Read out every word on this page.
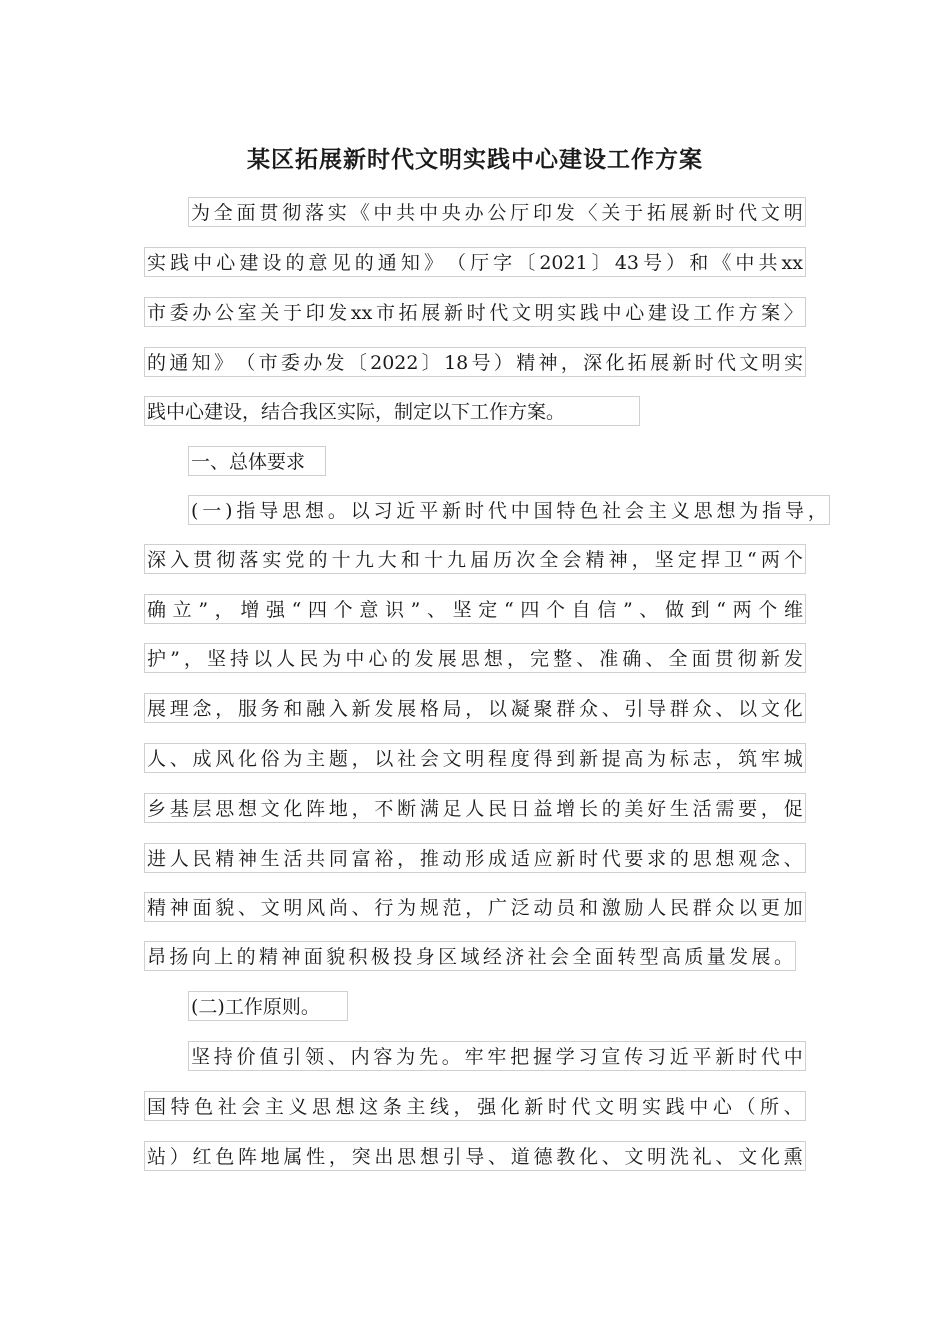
某区拓展新时代文明实践中心建设工作方案
为 全 面 贯 彻 落 实 《 中 共 中 央 办 公 厅 印 发 〈 关 于 拓 展 新 时 代 文 明
实 践 中 心 建 设 的 意 见 的 通 知 》 （ 厅 字 〔 2021 〕 43 号 ） 和 《 中 共 xx
市 委 办 公 室 关 于 印 发 xx 市 拓 展 新 时 代 文 明 实 践 中 心 建 设 工 作 方 案 〉
的 通 知 》 （ 市 委 办 发 〔 2022 〕 18 号 ） 精 神 ， 深 化 拓 展 新 时 代 文 明 实
践中心建设，结合我区实际，制定以下工作方案。
一、总体要求
( 一 ) 指 导 思 想 。 以 习 近 平 新 时 代 中 国 特 色 社 会 主 义 思 想 为 指 导 ，
深 入 贯 彻 落 实 党 的 十 九 大 和 十 九 届 历 次 全 会 精 神 ， 坚 定 捍 卫 “ 两 个
确 立 ” ， 增 强 “ 四 个 意 识 ” 、 坚 定 “ 四 个 自 信 ” 、 做 到 “ 两 个 维
护 ” ， 坚 持 以 人 民 为 中 心 的 发 展 思 想 ， 完 整 、 准 确 、 全 面 贯 彻 新 发
展 理 念 ， 服 务 和 融 入 新 发 展 格 局 ， 以 凝 聚 群 众 、 引 导 群 众 、 以 文 化
人 、 成 风 化 俗 为 主 题 ， 以 社 会 文 明 程 度 得 到 新 提 高 为 标 志 ， 筑 牢 城
乡 基 层 思 想 文 化 阵 地 ， 不 断 满 足 人 民 日 益 增 长 的 美 好 生 活 需 要 ， 促
进 人 民 精 神 生 活 共 同 富 裕 ， 推 动 形 成 适 应 新 时 代 要 求 的 思 想 观 念 、
精 神 面 貌 、 文 明 风 尚 、 行 为 规 范 ， 广 泛 动 员 和 激 励 人 民 群 众 以 更 加
昂 扬 向 上 的 精 神 面 貌 积 极 投 身 区 域 经 济 社 会 全 面 转 型 高 质 量 发 展 。
(二)工作原则。
坚 持 价 值 引 领 、 内 容 为 先 。 牢 牢 把 握 学 习 宣 传 习 近 平 新 时 代 中
国 特 色 社 会 主 义 思 想 这 条 主 线 ， 强 化 新 时 代 文 明 实 践 中 心 （ 所 、
站 ） 红 色 阵 地 属 性 ， 突 出 思 想 引 导 、 道 德 教 化 、 文 明 洗 礼 、 文 化 熏
